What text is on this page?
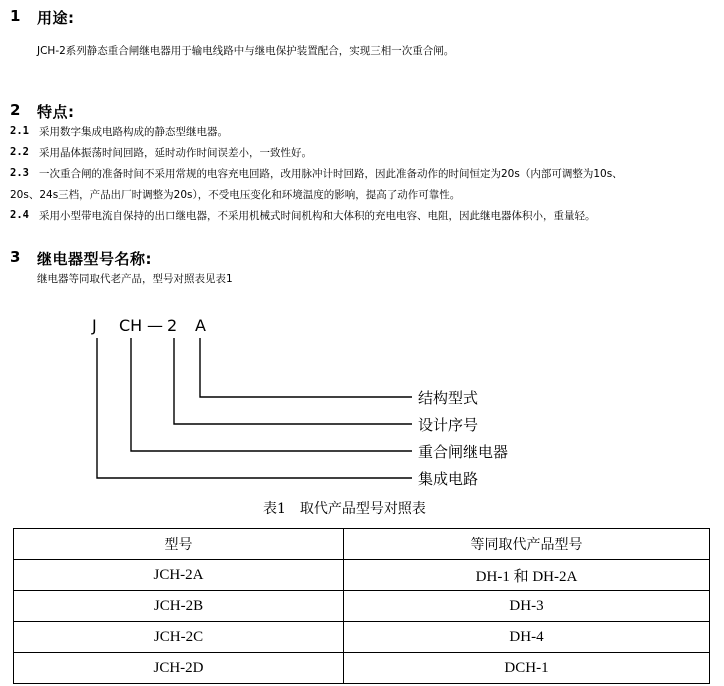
1 用途:
JCH-2系列静态重合闸继电器用于输电线路中与继电保护装置配合，实现三相一次重合闸。
2 特点:
2.1 采用数字集成电路构成的静态型继电器。
2.2 采用晶体振荡时间回路，延时动作时间误差小，一致性好。
2.3 一次重合闸的准备时间不采用常规的电容充电回路，改用脉冲计时回路，因此准备动作的时间恒定为20s（内部可调整为10s、
20s、24s三档，产品出厂时调整为20s），不受电压变化和环境温度的影响，提高了动作可靠性。
2.4 采用小型带电流自保持的出口继电器，不采用机械式时间机构和大体积的充电电容、电阻，因此继电器体积小，重量轻。
3 继电器型号名称:
继电器等同取代老产品，型号对照表见表1
J CH — 2 A
结构型式
设计序号
重合闸继电器
集成电路
表1　取代产品型号对照表
型号	等同取代产品型号
JCH-2A	DH-1 和 DH-2A
JCH-2B	DH-3
JCH-2C	DH-4
JCH-2D	DCH-1
